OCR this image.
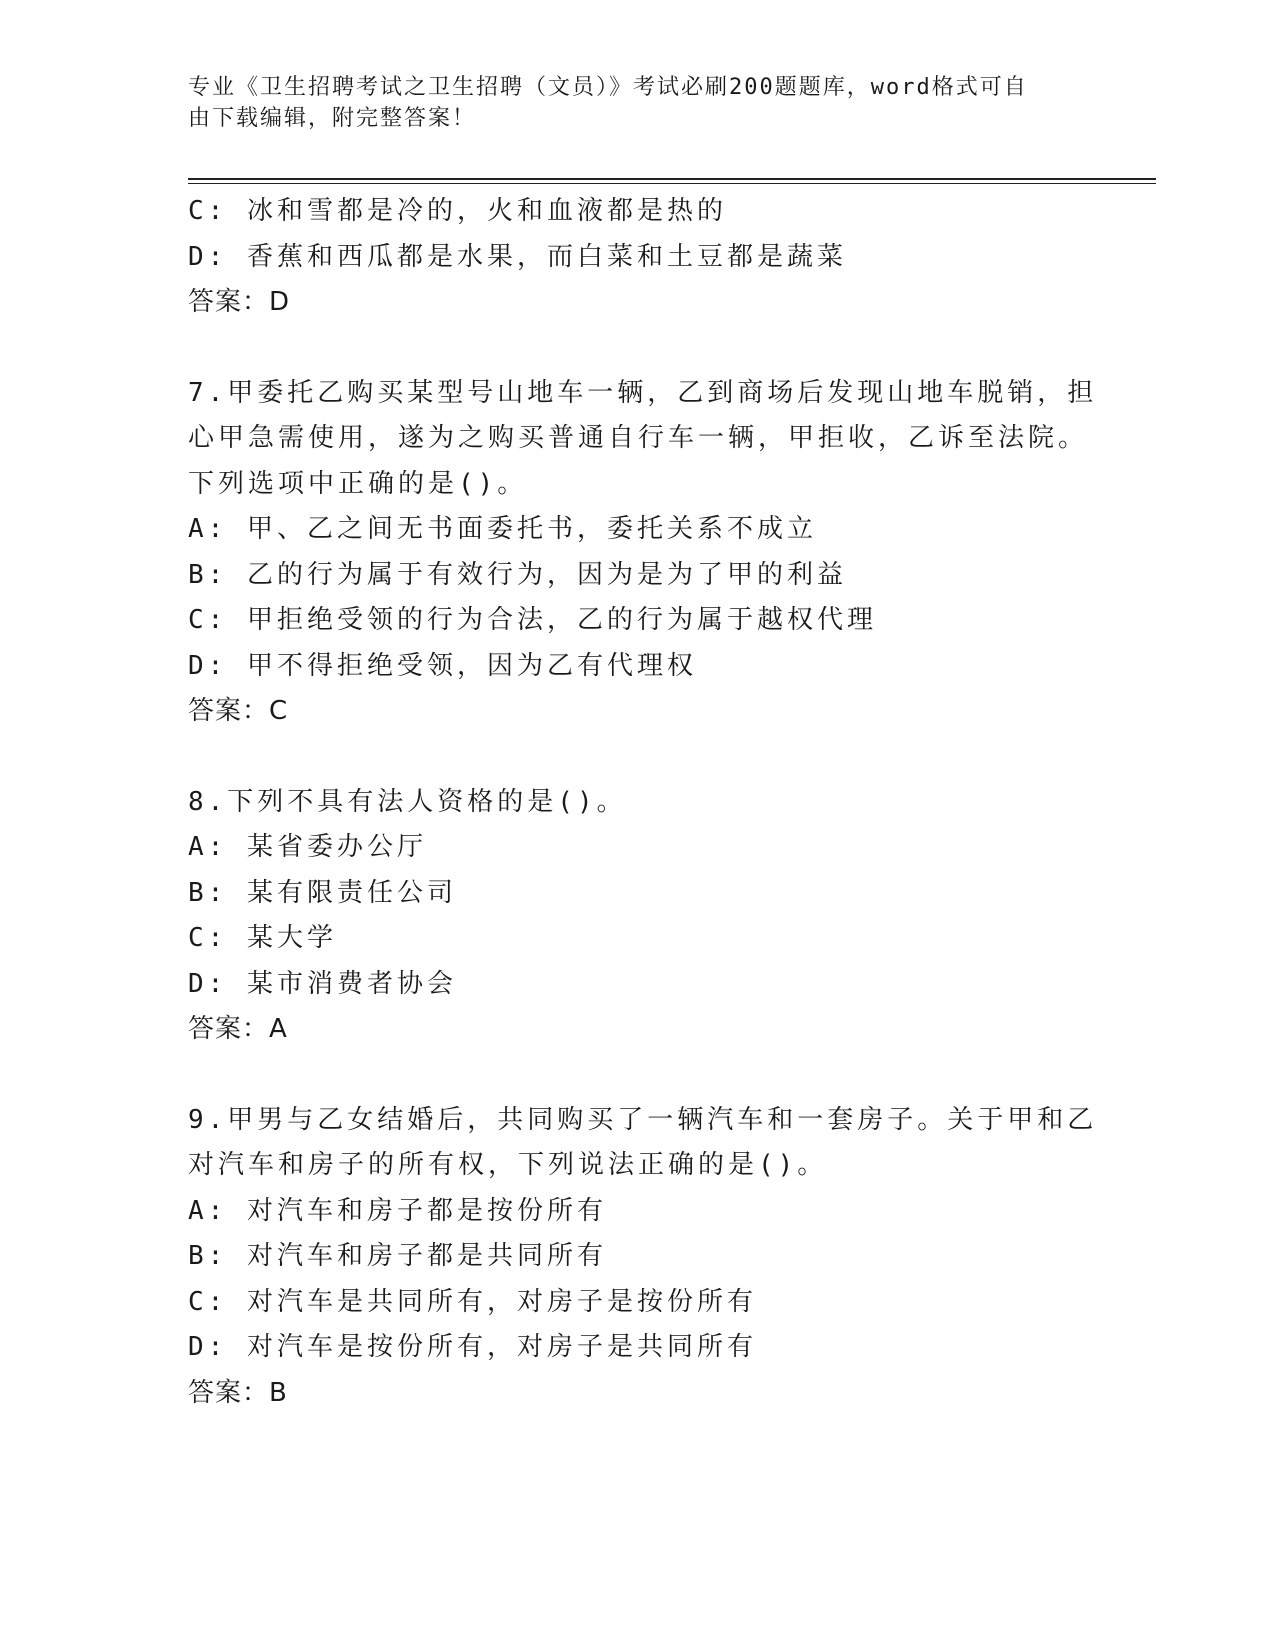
专业《卫生招聘考试之卫生招聘（文员）》考试必刷200题题库，word格式可自
由下载编辑，附完整答案！
C: 冰和雪都是冷的，火和血液都是热的
D: 香蕉和西瓜都是水果，而白菜和土豆都是蔬菜
答案：D
7.甲委托乙购买某型号山地车一辆，乙到商场后发现山地车脱销，担
心甲急需使用，遂为之购买普通自行车一辆，甲拒收，乙诉至法院。
下列选项中正确的是()。
A: 甲、乙之间无书面委托书，委托关系不成立
B: 乙的行为属于有效行为，因为是为了甲的利益
C: 甲拒绝受领的行为合法，乙的行为属于越权代理
D: 甲不得拒绝受领，因为乙有代理权
答案：C
8.下列不具有法人资格的是()。
A: 某省委办公厅
B: 某有限责任公司
C: 某大学
D: 某市消费者协会
答案：A
9.甲男与乙女结婚后，共同购买了一辆汽车和一套房子。关于甲和乙
对汽车和房子的所有权，下列说法正确的是()。
A: 对汽车和房子都是按份所有
B: 对汽车和房子都是共同所有
C: 对汽车是共同所有，对房子是按份所有
D: 对汽车是按份所有，对房子是共同所有
答案：B
